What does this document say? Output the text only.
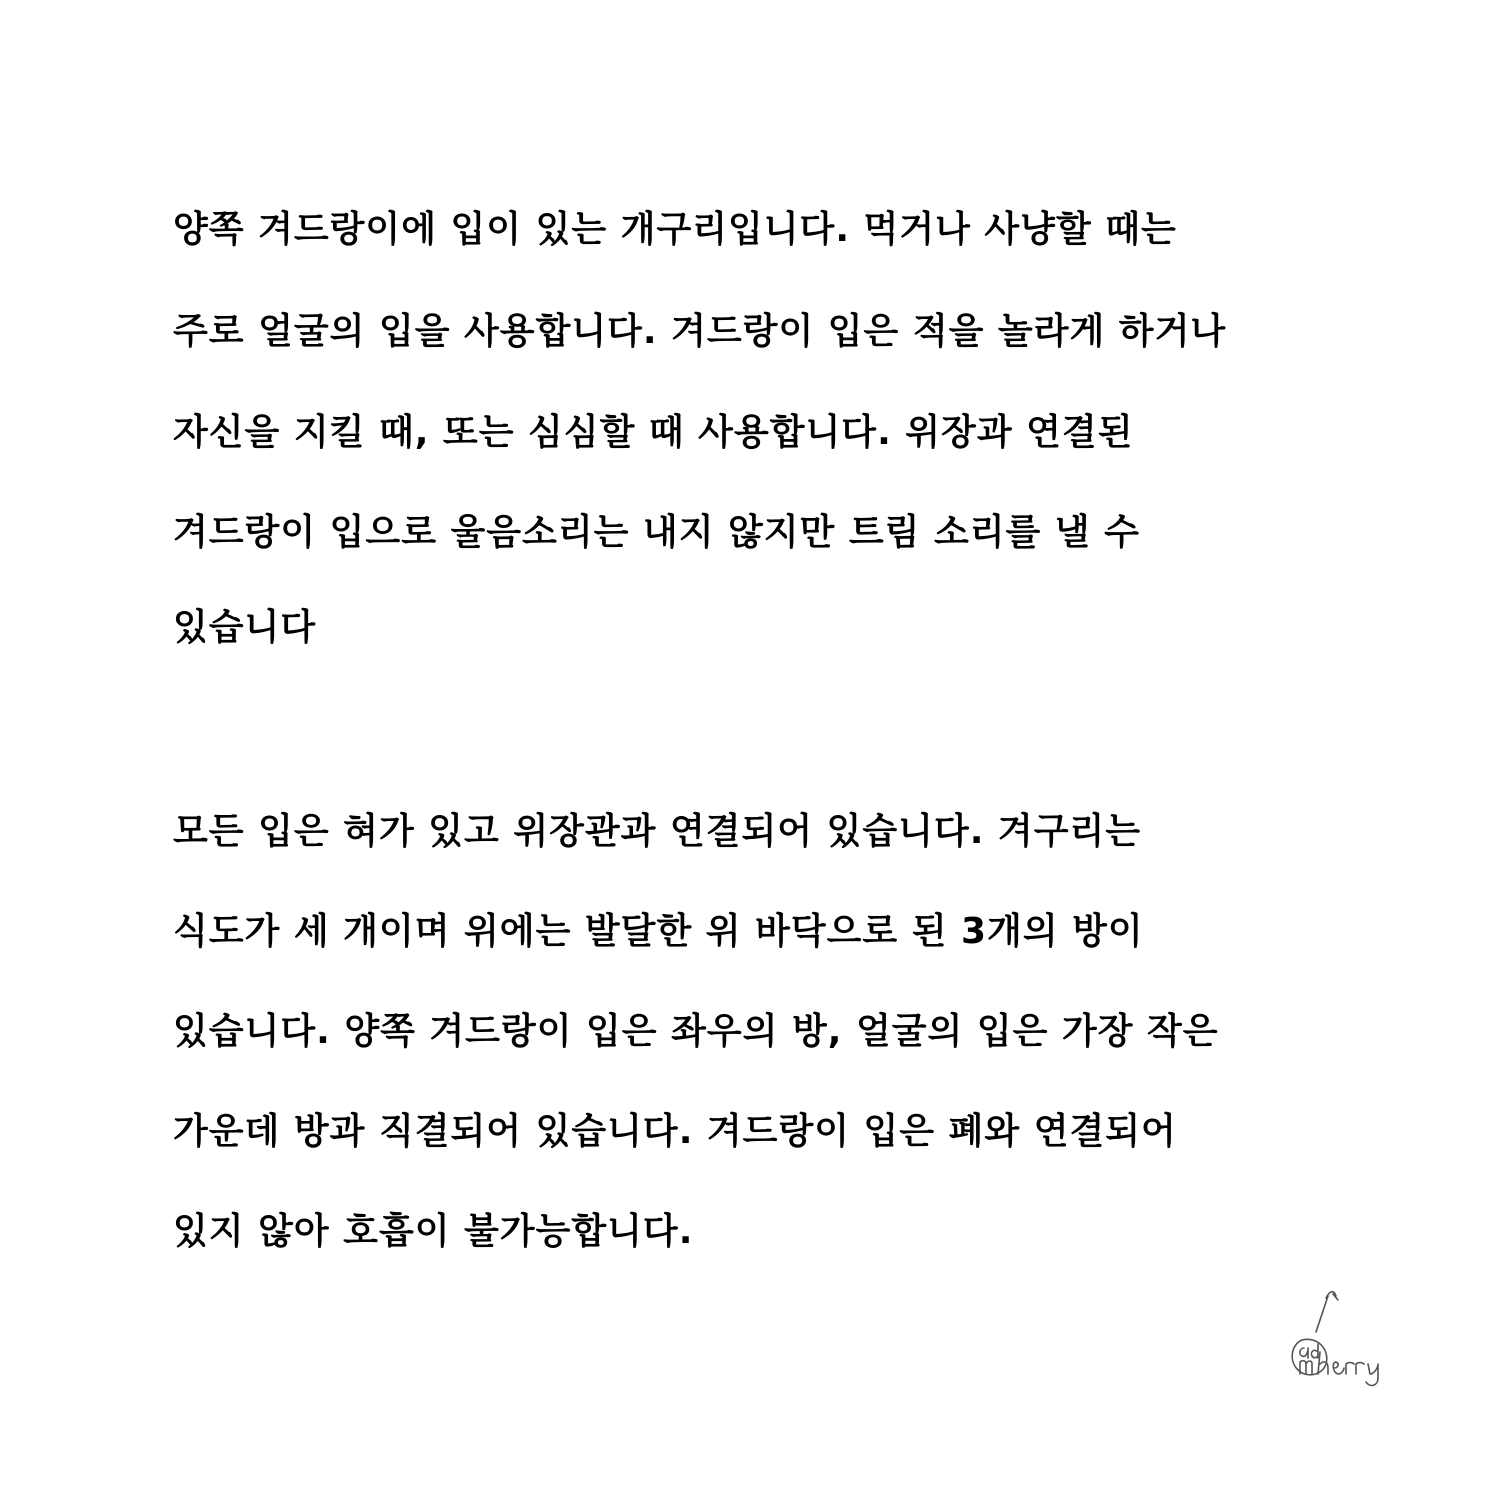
양쪽 겨드랑이에 입이 있는 개구리입니다. 먹거나 사냥할 때는

주로 얼굴의 입을 사용합니다. 겨드랑이 입은 적을 놀라게 하거나

자신을 지킬 때, 또는 심심할 때 사용합니다. 위장과 연결된

겨드랑이 입으로 울음소리는 내지 않지만 트림 소리를 낼 수

있습니다

모든 입은 혀가 있고 위장관과 연결되어 있습니다. 겨구리는

식도가 세 개이며 위에는 발달한 위 바닥으로 된 3개의 방이

있습니다. 양쪽 겨드랑이 입은 좌우의 방, 얼굴의 입은 가장 작은

가운데 방과 직결되어 있습니다. 겨드랑이 입은 폐와 연결되어

있지 않아 호흡이 불가능합니다.
